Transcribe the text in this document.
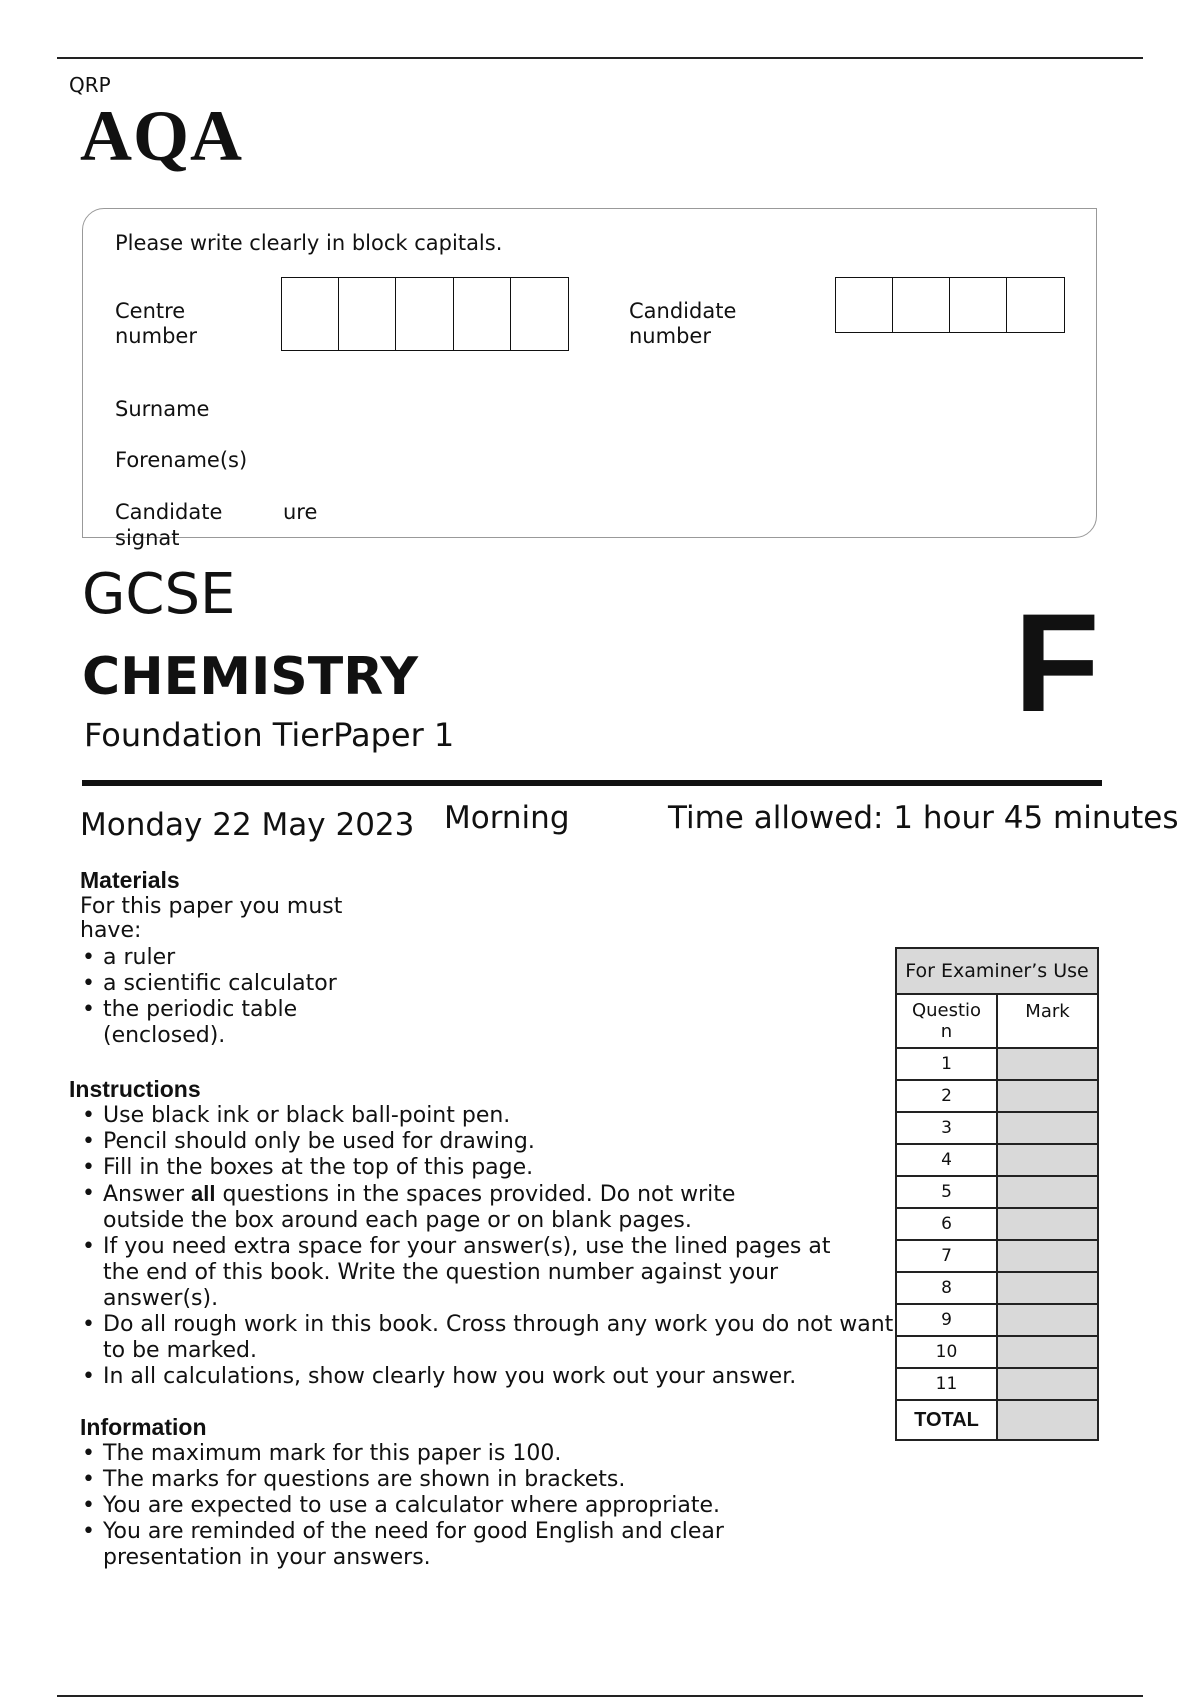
QRP
AQA
Please write clearly in block capitals.
Centre
number
Candidate
number
Surname
Forename(s)
Candidate	ure
signat
GCSE
CHEMISTRY
Foundation TierPaper 1	F
Monday 22 May 2023 Morning	Time allowed: 1 hour 45 minutes
Materials
For this paper you must
have:
• a ruler
• a scientific calculator
• the periodic table
(enclosed).
Instructions
• Use black ink or black ball-point pen.
• Pencil should only be used for drawing.
• Fill in the boxes at the top of this page.
• Answer all questions in the spaces provided. Do not write
outside the box around each page or on blank pages.
• If you need extra space for your answer(s), use the lined pages at
the end of this book. Write the question number against your
answer(s).
• Do all rough work in this book. Cross through any work you do not want
to be marked.
• In all calculations, show clearly how you work out your answer.
Information
• The maximum mark for this paper is 100.
• The marks for questions are shown in brackets.
• You are expected to use a calculator where appropriate.
• You are reminded of the need for good English and clear
presentation in your answers.
For Examiner’s Use	

Questio
n	Mark
1	
2	
3	
4	
5	
6	
7	
8	
9	
10	
11	
TOTAL	
